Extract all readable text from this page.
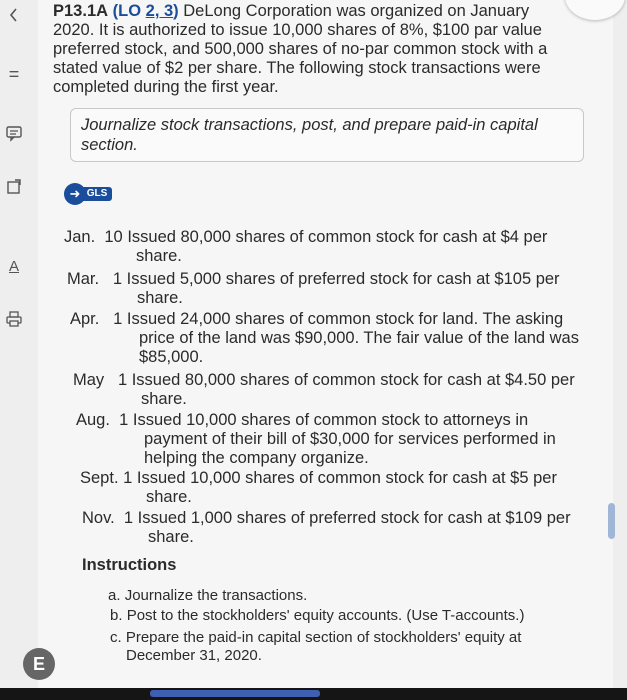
=
A
E
P13.1A (LO 2, 3) DeLong Corporation was organized on January
2020. It is authorized to issue 10,000 shares of 8%, $100 par value
preferred stock, and 500,000 shares of no-par common stock with a
stated value of $2 per share. The following stock transactions were
completed during the first year.
Journalize stock transactions, post, and prepare paid-in capital
section.
GLS
➜
Jan. 10 Issued 80,000 shares of common stock for cash at $4 per
share.
Mar. 1 Issued 5,000 shares of preferred stock for cash at $105 per
share.
Apr. 1 Issued 24,000 shares of common stock for land. The asking
price of the land was $90,000. The fair value of the land was
$85,000.
May 1 Issued 80,000 shares of common stock for cash at $4.50 per
share.
Aug. 1 Issued 10,000 shares of common stock to attorneys in
payment of their bill of $30,000 for services performed in
helping the company organize.
Sept. 1 Issued 10,000 shares of common stock for cash at $5 per
share.
Nov. 1 Issued 1,000 shares of preferred stock for cash at $109 per
share.
Instructions
a. Journalize the transactions.
b. Post to the stockholders' equity accounts. (Use T-accounts.)
c. Prepare the paid-in capital section of stockholders' equity at
December 31, 2020.
